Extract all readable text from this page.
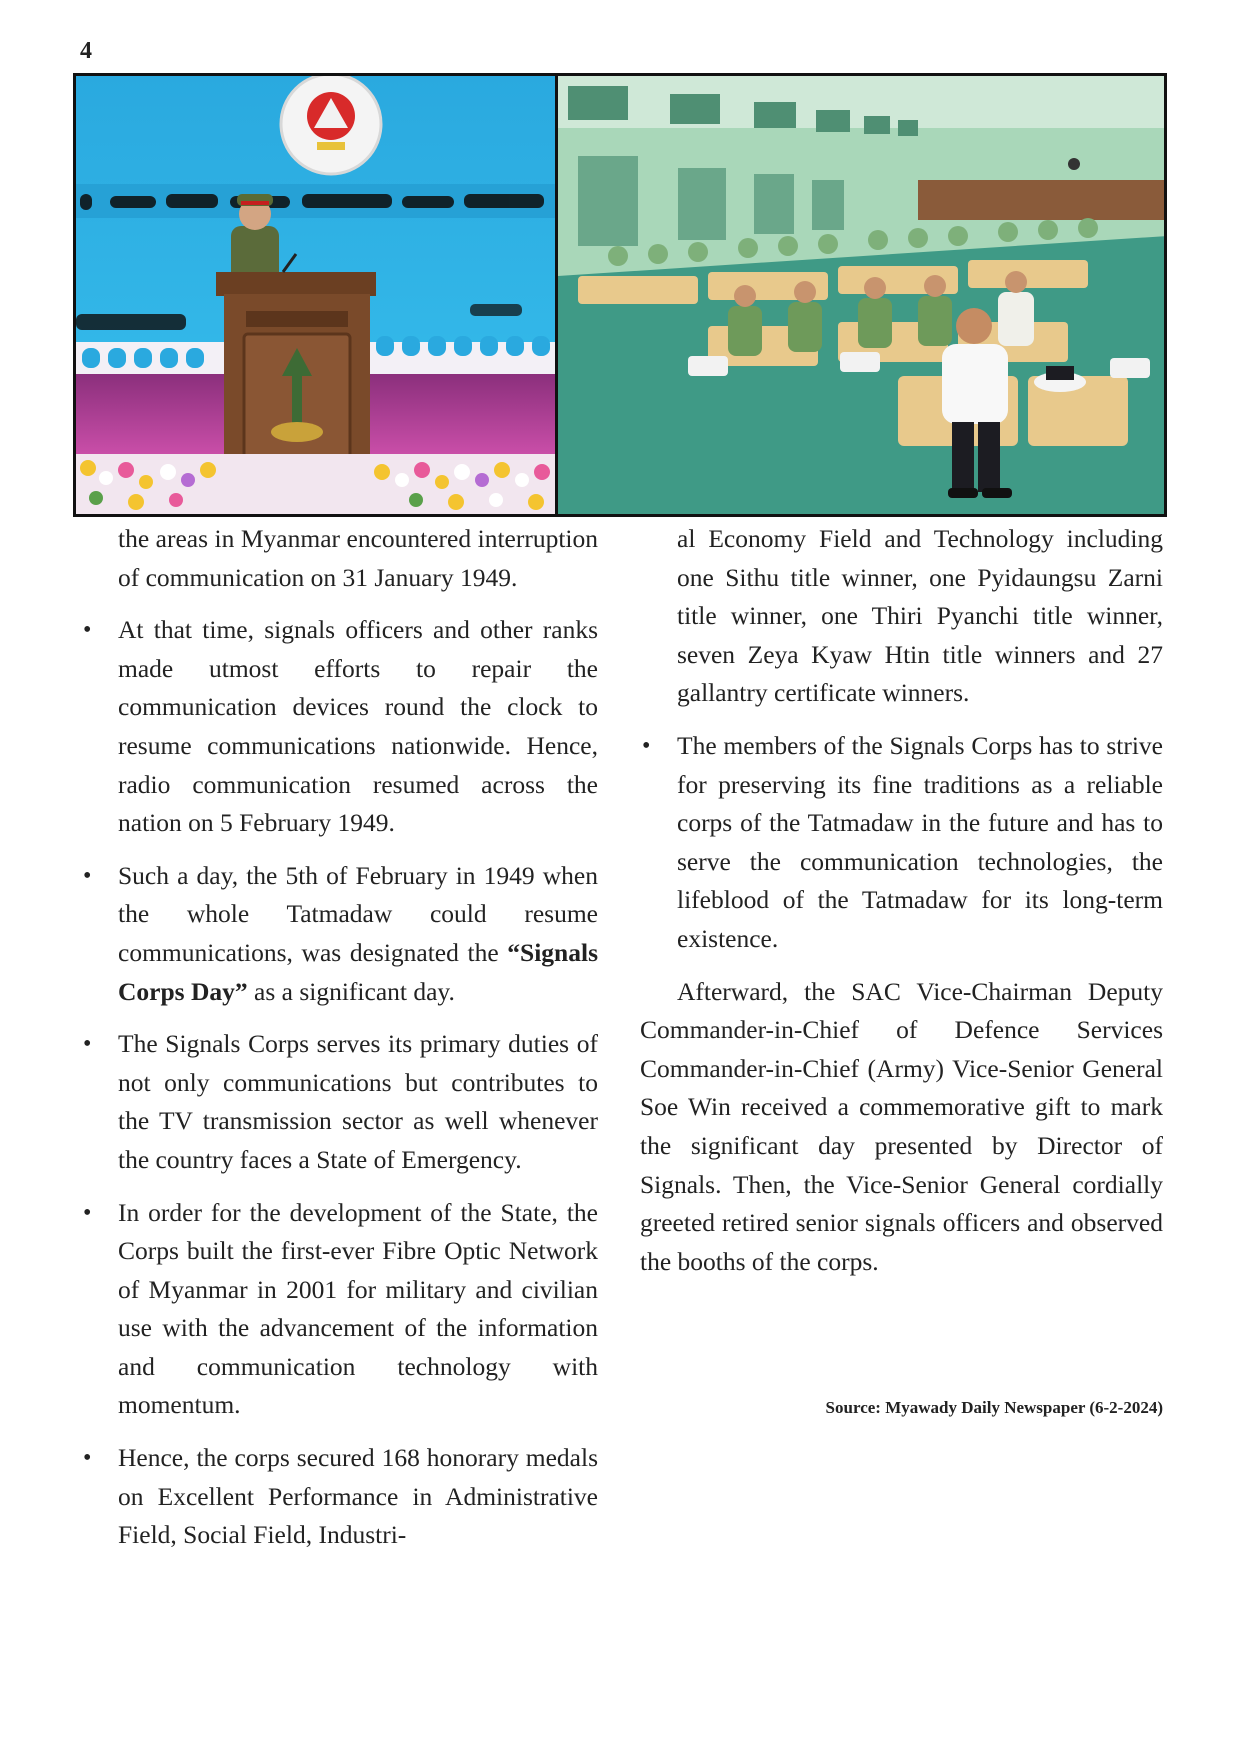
4

the areas in Myanmar encountered interruption of communication on 31 January 1949.

• At that time, signals officers and other ranks made utmost efforts to repair the communication devices round the clock to resume communications nationwide. Hence, radio communication resumed across the nation on 5 February 1949.
• Such a day, the 5th of February in 1949 when the whole Tatmadaw could resume communications, was designated the “Signals Corps Day” as a significant day.
• The Signals Corps serves its primary duties of not only communications but contributes to the TV transmission sector as well whenever the country faces a State of Emergency.
• In order for the development of the State, the Corps built the first-ever Fibre Optic Network of Myanmar in 2001 for military and civilian use with the advancement of the information and communication technology with momentum.
• Hence, the corps secured 168 honorary medals on Excellent Performance in Administrative Field, Social Field, Industri-

al Economy Field and Technology including one Sithu title winner, one Pyidaungsu Zarni title winner, one Thiri Pyanchi title winner, seven Zeya Kyaw Htin title winners and 27 gallantry certificate winners.

• The members of the Signals Corps has to strive for preserving its fine traditions as a reliable corps of the Tatmadaw in the future and has to serve the communication technologies, the lifeblood of the Tatmadaw for its long-term existence.

Afterward, the SAC Vice-Chairman Deputy Commander-in-Chief of Defence Services Commander-in-Chief (Army) Vice-Senior General Soe Win received a commemorative gift to mark the significant day presented by Director of Signals. Then, the Vice-Senior General cordially greeted retired senior signals officers and observed the booths of the corps.

Source: Myawady Daily Newspaper (6-2-2024)
